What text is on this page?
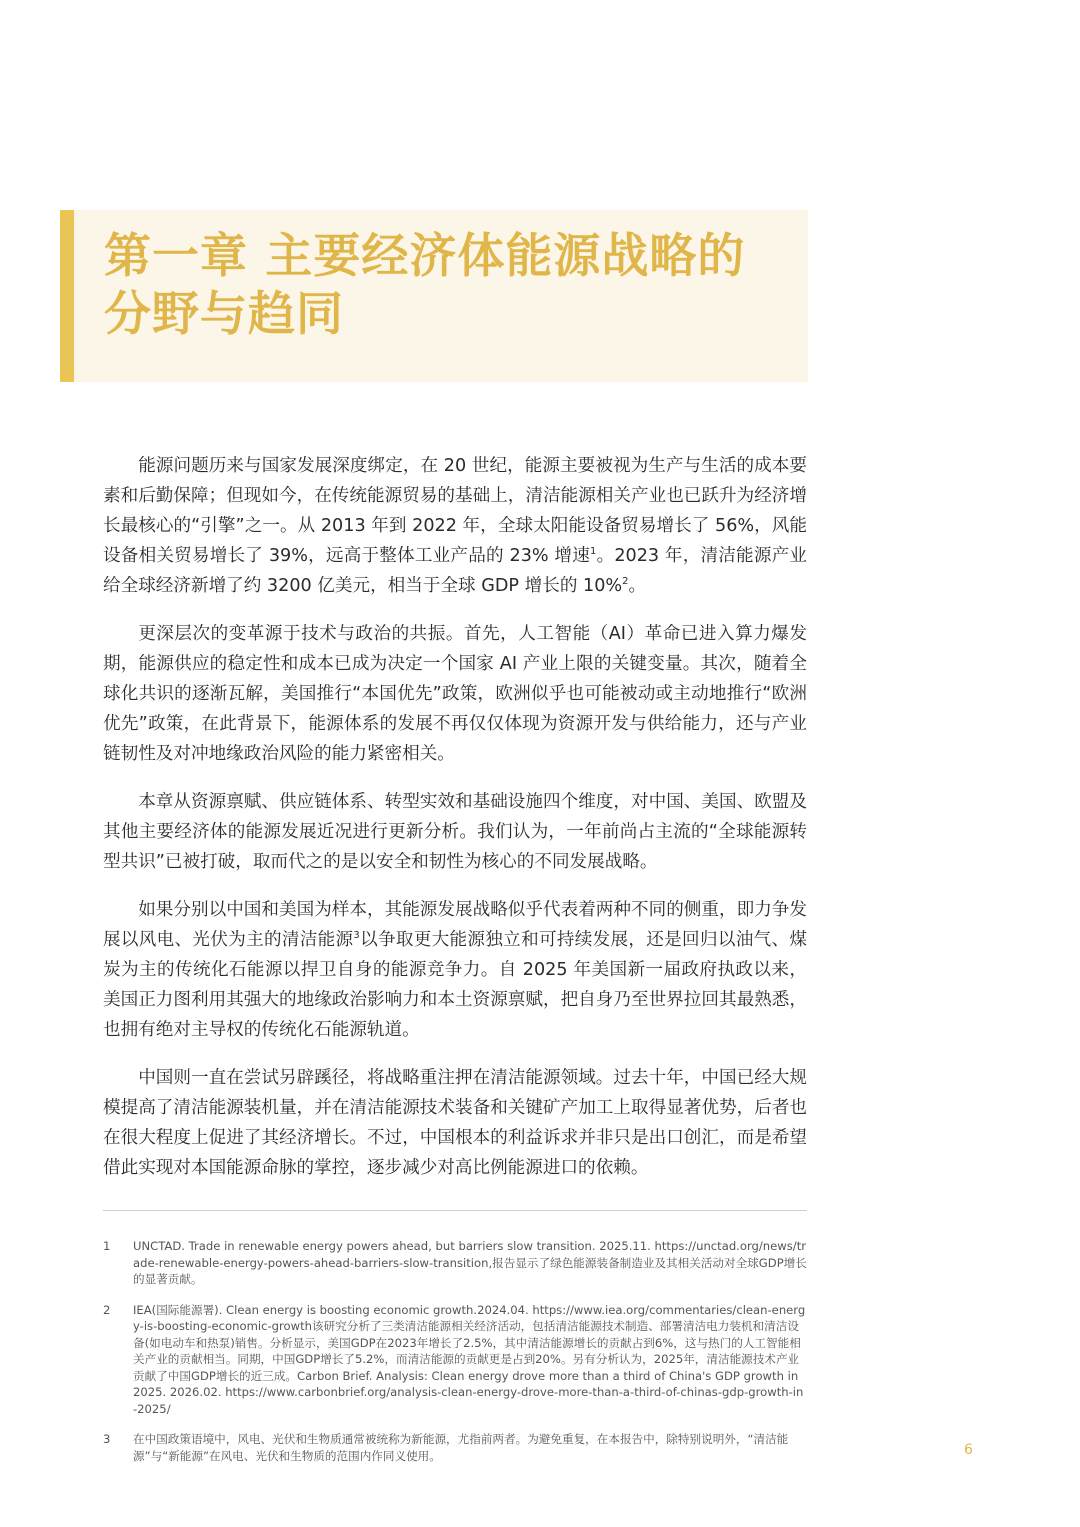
第一章 主要经济体能源战略的
分野与趋同

能源问题历来与国家发展深度绑定，在 20 世纪，能源主要被视为生产与生活的成本要素和后勤保障；但现如今，在传统能源贸易的基础上，清洁能源相关产业也已跃升为经济增长最核心的“引擎”之一。从 2013 年到 2022 年，全球太阳能设备贸易增长了 56%，风能设备相关贸易增长了 39%，远高于整体工业产品的 23% 增速$^1$。2023 年，清洁能源产业给全球经济新增了约 3200 亿美元，相当于全球 GDP 增长的 10%$^2$。

更深层次的变革源于技术与政治的共振。首先，人工智能（AI）革命已进入算力爆发期，能源供应的稳定性和成本已成为决定一个国家 AI 产业上限的关键变量。其次，随着全球化共识的逐渐瓦解，美国推行“本国优先”政策，欧洲似乎也可能被动或主动地推行“欧洲优先”政策，在此背景下，能源体系的发展不再仅仅体现为资源开发与供给能力，还与产业链韧性及对冲地缘政治风险的能力紧密相关。

本章从资源禀赋、供应链体系、转型实效和基础设施四个维度，对中国、美国、欧盟及其他主要经济体的能源发展近况进行更新分析。我们认为，一年前尚占主流的“全球能源转型共识”已被打破，取而代之的是以安全和韧性为核心的不同发展战略。

如果分别以中国和美国为样本，其能源发展战略似乎代表着两种不同的侧重，即力争发展以风电、光伏为主的清洁能源$^3$以争取更大能源独立和可持续发展，还是回归以油气、煤炭为主的传统化石能源以捍卫自身的能源竞争力。自 2025 年美国新一届政府执政以来，美国正力图利用其强大的地缘政治影响力和本土资源禀赋，把自身乃至世界拉回其最熟悉，也拥有绝对主导权的传统化石能源轨道。

中国则一直在尝试另辟蹊径，将战略重注押在清洁能源领域。过去十年，中国已经大规模提高了清洁能源装机量，并在清洁能源技术装备和关键矿产加工上取得显著优势，后者也在很大程度上促进了其经济增长。不过，中国根本的利益诉求并非只是出口创汇，而是希望借此实现对本国能源命脉的掌控，逐步减少对高比例能源进口的依赖。

1	UNCTAD. Trade in renewable energy powers ahead, but barriers slow transition. 2025.11. https://unctad.org/news/trade-renewable-energy-powers-ahead-barriers-slow-transition,报告显示了绿色能源装备制造业及其相关活动对全球GDP增长的显著贡献。
2	IEA(国际能源署). Clean energy is boosting economic growth.2024.04. https://www.iea.org/commentaries/clean-energy-is-boosting-economic-growth该研究分析了三类清洁能源相关经济活动，包括清洁能源技术制造、部署清洁电力装机和清洁设备(如电动车和热泵)销售。分析显示，美国GDP在2023年增长了2.5%，其中清洁能源增长的贡献占到6%，这与热门的人工智能相关产业的贡献相当。同期，中国GDP增长了5.2%，而清洁能源的贡献更是占到20%。另有分析认为，2025年，清洁能源技术产业贡献了中国GDP增长的近三成。Carbon Brief. Analysis: Clean energy drove more than a third of China's GDP growth in 2025. 2026.02. https://www.carbonbrief.org/analysis-clean-energy-drove-more-than-a-third-of-chinas-gdp-growth-in-2025/
3	在中国政策语境中，风电、光伏和生物质通常被统称为新能源，尤指前两者。为避免重复，在本报告中，除特别说明外，“清洁能源”与“新能源”在风电、光伏和生物质的范围内作同义使用。	6
